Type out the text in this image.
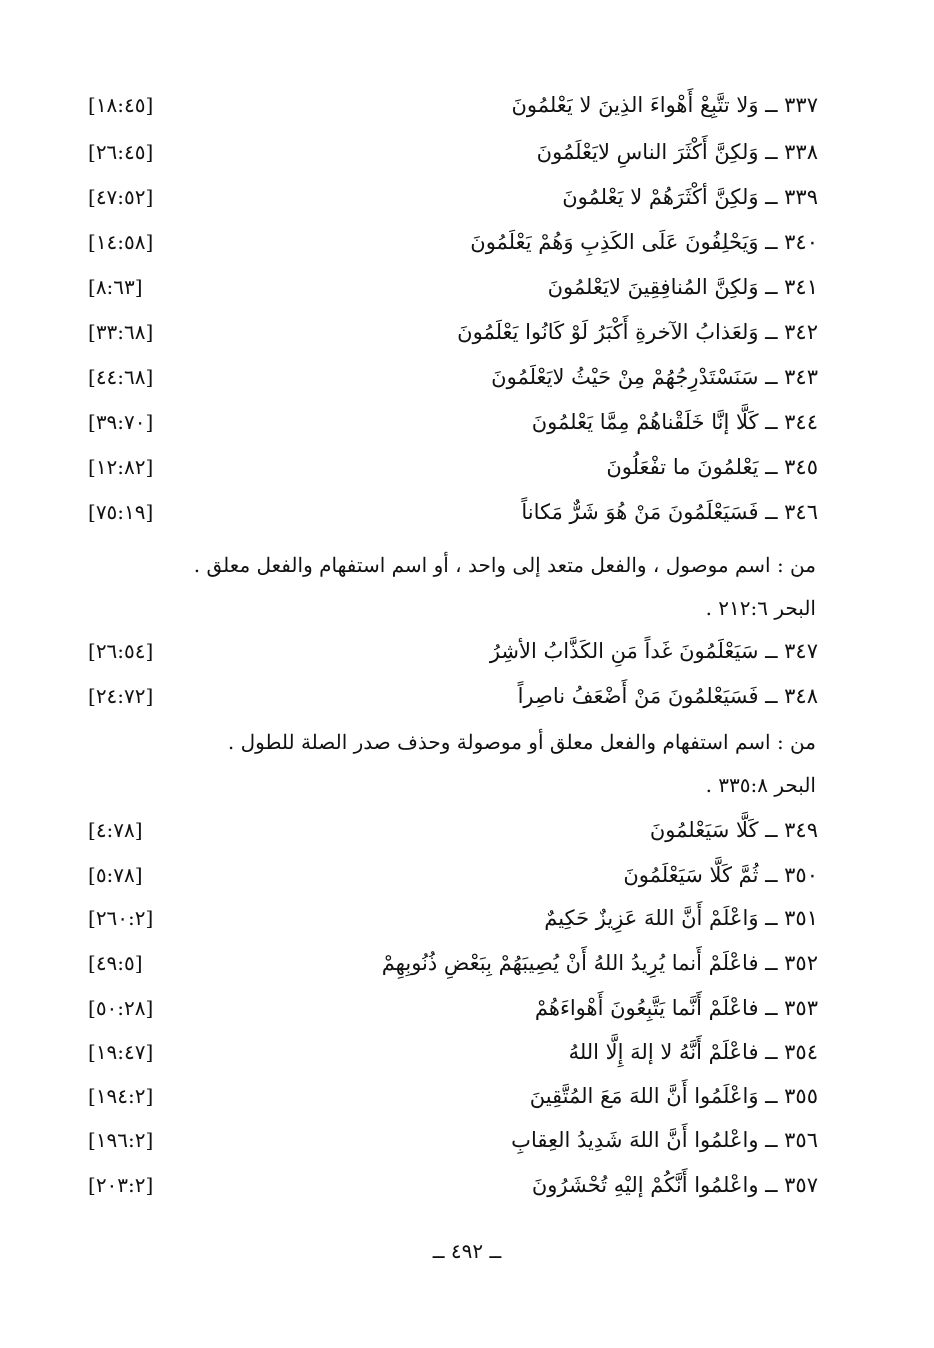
٣٣٧ ــ وَلا تتَّبِعْ أَهْواءَ الذِينَ لا يَعْلمُونَ
[١٨:٤٥]
٣٣٨ ــ وَلكِنَّ أَكْثَرَ الناسِ لايَعْلَمُونَ
[٢٦:٤٥]
٣٣٩ ــ وَلكِنَّ أكْثَرَهُمْ لا يَعْلمُونَ
[٤٧:٥٢]
٣٤٠ ــ وَيَحْلِفُونَ عَلَى الكَذِبِ وَهُمْ يَعْلَمُونَ
[١٤:٥٨]
٣٤١ ــ وَلكِنَّ المُنافِقِينَ لايَعْلمُونَ
[٨:٦٣]
٣٤٢ ــ وَلعَذابُ الآخرةِ أَكْبَرُ لَوْ كَانُوا يَعْلَمُونَ
[٣٣:٦٨]
٣٤٣ ــ سَنَسْتَدْرِجُهُمْ مِنْ حَيْثُ لايَعْلَمُونَ
[٤٤:٦٨]
٣٤٤ ــ كَلَّا إنَّا خَلَقْناهُمْ مِمَّا يَعْلمُونَ
[٣٩:٧٠]
٣٤٥ ــ يَعْلمُونَ ما تفْعَلُونَ
[١٢:٨٢]
٣٤٦ ــ فَسَيَعْلَمُونَ مَنْ هُوَ شَرٌّ مَكاناً
[٧٥:١٩]
من : اسم موصول ، والفعل متعد إلى واحد ، أو اسم استفهام والفعل معلق .
البحر ٢١٢:٦ .
٣٤٧ ــ سَيَعْلَمُونَ غَداً مَنِ الكَذَّابُ الأشِرُ
[٢٦:٥٤]
٣٤٨ ــ فَسَيَعْلمُونَ مَنْ أَضْعَفُ ناصِراً
[٢٤:٧٢]
من : اسم استفهام والفعل معلق أو موصولة وحذف صدر الصلة للطول .
البحر ٣٣٥:٨ .
٣٤٩ ــ كَلَّا سَيَعْلمُونَ
[٤:٧٨]
٣٥٠ ــ ثُمَّ كَلَّا سَيَعْلَمُونَ
[٥:٧٨]
٣٥١ ــ وَاعْلَمْ أَنَّ اللهَ عَزِيزٌ حَكِيمٌ
[٢٦٠:٢]
٣٥٢ ــ فاعْلَمْ أَنما يُرِيدُ اللهُ أَنْ يُصِيبَهُمْ بِبَعْضِ ذُنُوبِهِمْ
[٤٩:٥]
٣٥٣ ــ فاعْلَمْ أَنَّما يَتَّبِعُونَ أَهْواءَهُمْ
[٥٠:٢٨]
٣٥٤ ــ فاعْلَمْ أَنَّهُ لا إلهَ إِلَّا اللهُ
[١٩:٤٧]
٣٥٥ ــ وَاعْلَمُوا أَنَّ اللهَ مَعَ المُتَّقِينَ
[١٩٤:٢]
٣٥٦ ــ واعْلمُوا أَنَّ اللهَ شَدِيدُ العِقابِ
[١٩٦:٢]
٣٥٧ ــ واعْلمُوا أَنَّكُمْ إليْهِ تُحْشَرُونَ
[٢٠٣:٢]
ــ ٤٩٢ ــ
